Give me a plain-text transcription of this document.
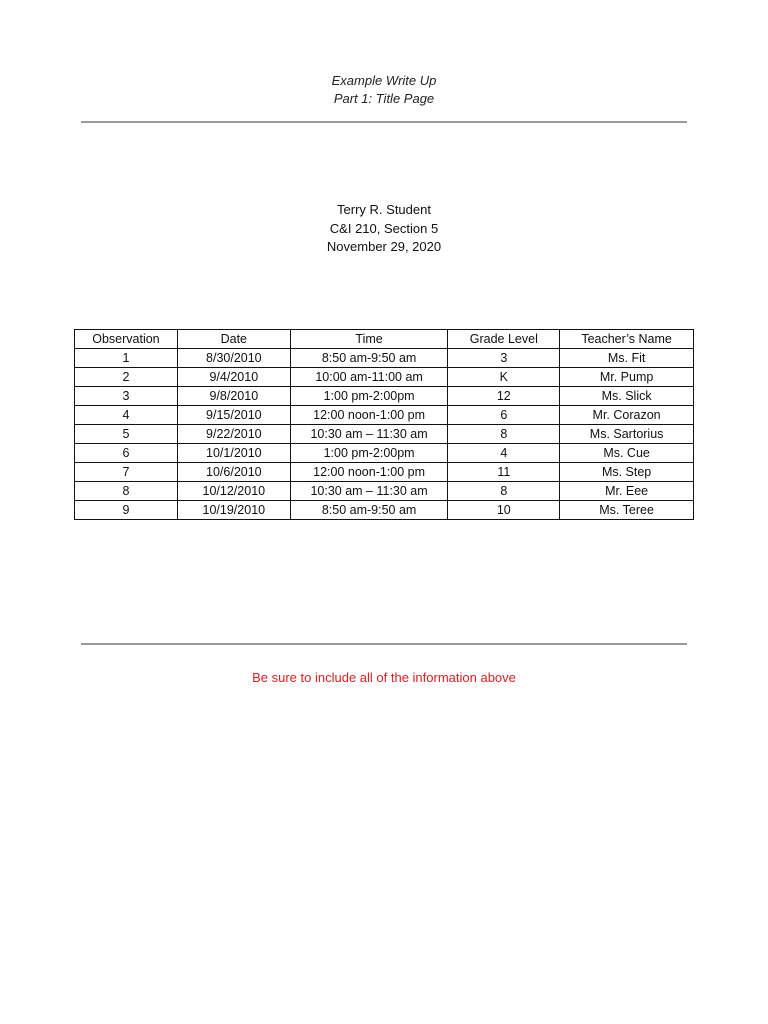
Example Write Up
Part 1: Title Page
Terry R. Student
C&I 210, Section 5
November 29, 2020
Observation	Date	Time	Grade Level	Teacher’s Name
1	8/30/2010	8:50 am-9:50 am	3	Ms. Fit
2	9/4/2010	10:00 am-11:00 am	K	Mr. Pump
3	9/8/2010	1:00 pm-2:00pm	12	Ms. Slick
4	9/15/2010	12:00 noon-1:00 pm	6	Mr. Corazon
5	9/22/2010	10:30 am – 11:30 am	8	Ms. Sartorius
6	10/1/2010	1:00 pm-2:00pm	4	Ms. Cue
7	10/6/2010	12:00 noon-1:00 pm	11	Ms. Step
8	10/12/2010	10:30 am – 11:30 am	8	Mr. Eee
9	10/19/2010	8:50 am-9:50 am	10	Ms. Teree
Be sure to include all of the information above
